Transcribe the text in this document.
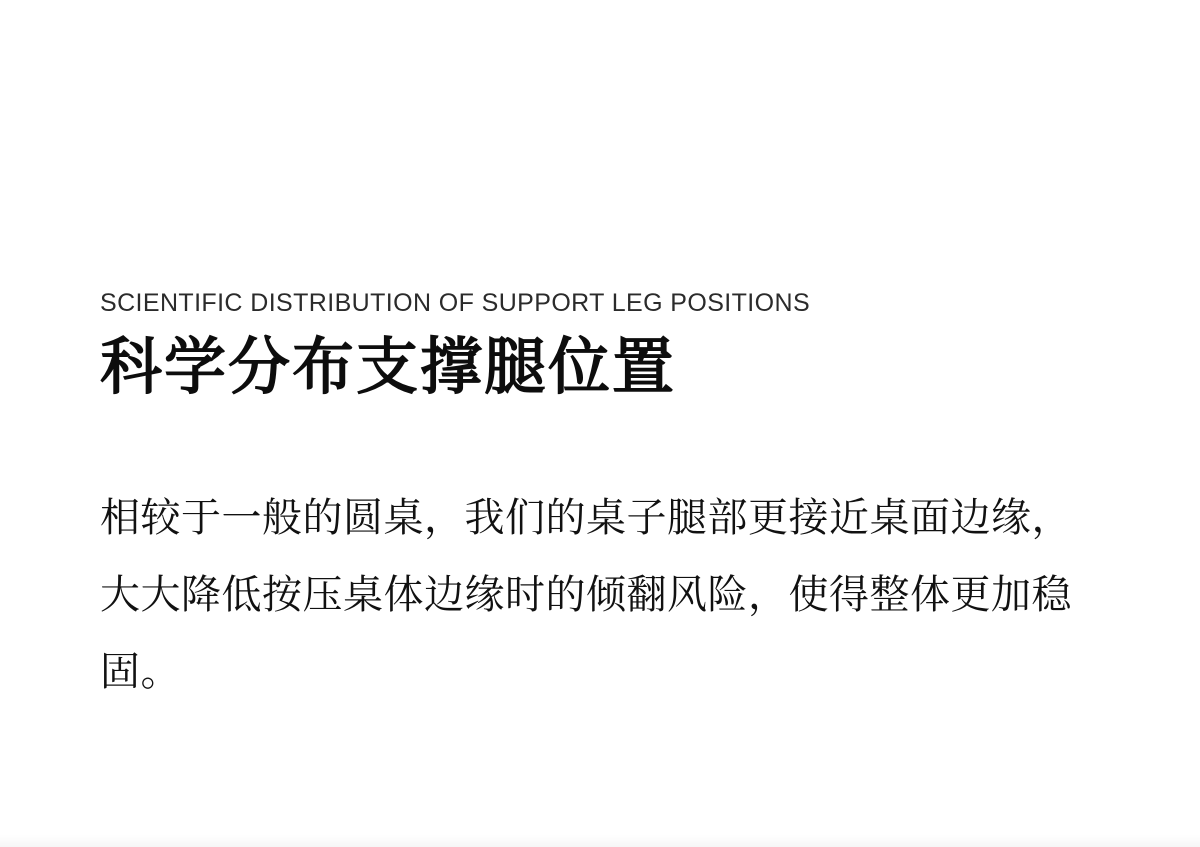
SCIENTIFIC DISTRIBUTION OF SUPPORT LEG POSITIONS
科学分布支撑腿位置

相较于一般的圆桌，我们的桌子腿部更接近桌面边缘，大大降低按压桌体边缘时的倾翻风险，使得整体更加稳固。
